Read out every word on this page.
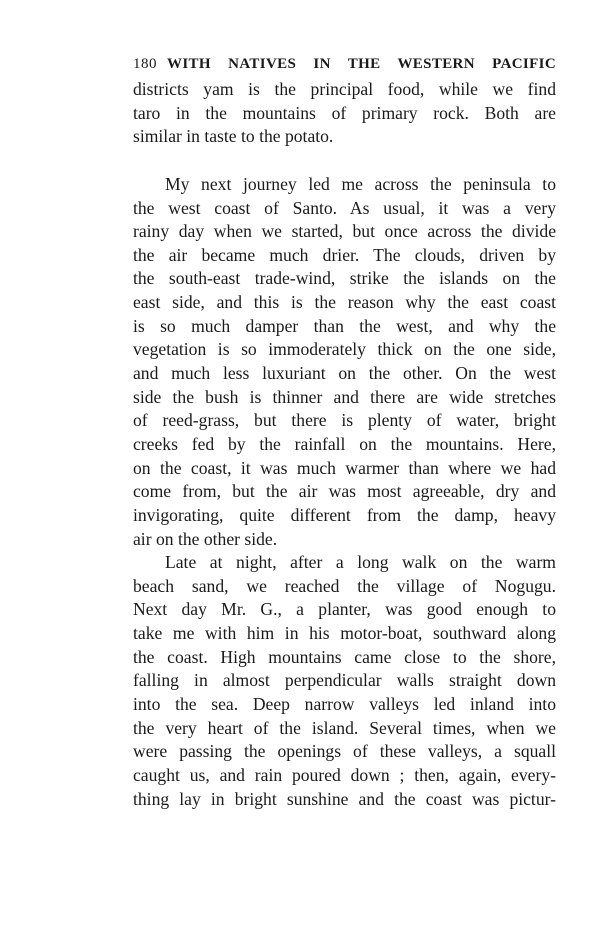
180 WITH NATIVES IN THE WESTERN PACIFIC
districts yam is the principal food, while we find
taro in the mountains of primary rock. Both are
similar in taste to the potato.
My next journey led me across the peninsula to
the west coast of Santo. As usual, it was a very
rainy day when we started, but once across the divide
the air became much drier. The clouds, driven by
the south-east trade-wind, strike the islands on the
east side, and this is the reason why the east coast
is so much damper than the west, and why the
vegetation is so immoderately thick on the one side,
and much less luxuriant on the other. On the west
side the bush is thinner and there are wide stretches
of reed-grass, but there is plenty of water, bright
creeks fed by the rainfall on the mountains. Here,
on the coast, it was much warmer than where we had
come from, but the air was most agreeable, dry and
invigorating, quite different from the damp, heavy
air on the other side.
Late at night, after a long walk on the warm
beach sand, we reached the village of Nogugu.
Next day Mr. G., a planter, was good enough to
take me with him in his motor-boat, southward along
the coast. High mountains came close to the shore,
falling in almost perpendicular walls straight down
into the sea. Deep narrow valleys led inland into
the very heart of the island. Several times, when we
were passing the openings of these valleys, a squall
caught us, and rain poured down ; then, again, every-
thing lay in bright sunshine and the coast was pictur-
